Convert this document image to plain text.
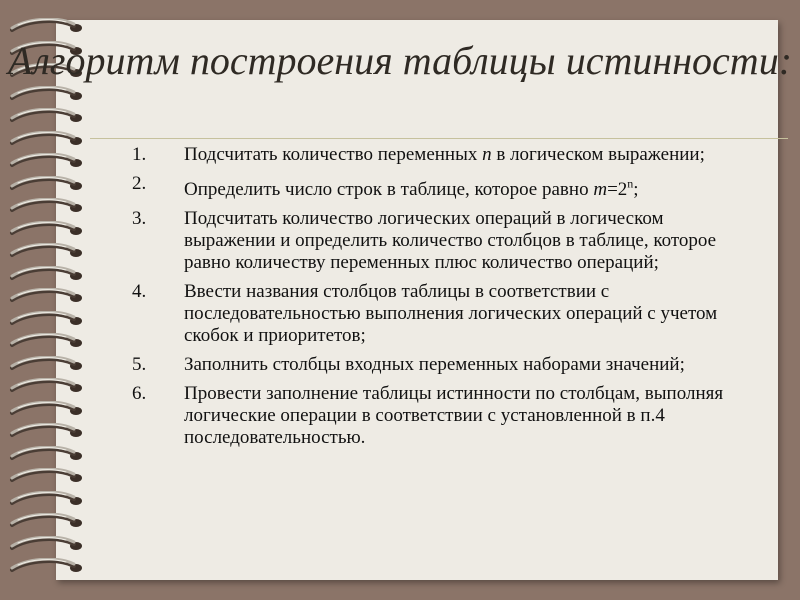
Алгоритм построения таблицы истинности:
1. Подсчитать количество переменных n в логическом выражении;
2. Определить число строк в таблице, которое равно $m=2^n$;
3. Подсчитать количество логических операций в логическом выражении и определить количество столбцов в таблице, которое равно количеству переменных плюс количество операций;
4. Ввести названия столбцов таблицы в соответствии с последовательностью выполнения логических операций с учетом скобок и приоритетов;
5. Заполнить столбцы входных переменных наборами значений;
6. Провести заполнение таблицы истинности по столбцам, выполняя логические операции в соответствии с установленной в п.4 последовательностью.
